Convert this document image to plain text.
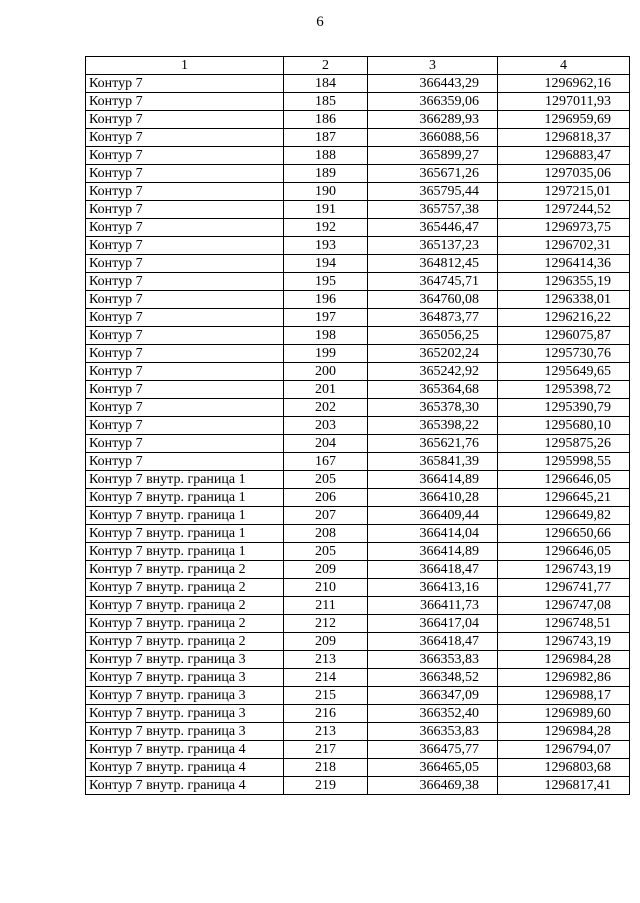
6
1	2	3	4
Контур 7	184	366443,29	1296962,16
Контур 7	185	366359,06	1297011,93
Контур 7	186	366289,93	1296959,69
Контур 7	187	366088,56	1296818,37
Контур 7	188	365899,27	1296883,47
Контур 7	189	365671,26	1297035,06
Контур 7	190	365795,44	1297215,01
Контур 7	191	365757,38	1297244,52
Контур 7	192	365446,47	1296973,75
Контур 7	193	365137,23	1296702,31
Контур 7	194	364812,45	1296414,36
Контур 7	195	364745,71	1296355,19
Контур 7	196	364760,08	1296338,01
Контур 7	197	364873,77	1296216,22
Контур 7	198	365056,25	1296075,87
Контур 7	199	365202,24	1295730,76
Контур 7	200	365242,92	1295649,65
Контур 7	201	365364,68	1295398,72
Контур 7	202	365378,30	1295390,79
Контур 7	203	365398,22	1295680,10
Контур 7	204	365621,76	1295875,26
Контур 7	167	365841,39	1295998,55
Контур 7 внутр. граница 1	205	366414,89	1296646,05
Контур 7 внутр. граница 1	206	366410,28	1296645,21
Контур 7 внутр. граница 1	207	366409,44	1296649,82
Контур 7 внутр. граница 1	208	366414,04	1296650,66
Контур 7 внутр. граница 1	205	366414,89	1296646,05
Контур 7 внутр. граница 2	209	366418,47	1296743,19
Контур 7 внутр. граница 2	210	366413,16	1296741,77
Контур 7 внутр. граница 2	211	366411,73	1296747,08
Контур 7 внутр. граница 2	212	366417,04	1296748,51
Контур 7 внутр. граница 2	209	366418,47	1296743,19
Контур 7 внутр. граница 3	213	366353,83	1296984,28
Контур 7 внутр. граница 3	214	366348,52	1296982,86
Контур 7 внутр. граница 3	215	366347,09	1296988,17
Контур 7 внутр. граница 3	216	366352,40	1296989,60
Контур 7 внутр. граница 3	213	366353,83	1296984,28
Контур 7 внутр. граница 4	217	366475,77	1296794,07
Контур 7 внутр. граница 4	218	366465,05	1296803,68
Контур 7 внутр. граница 4	219	366469,38	1296817,41
